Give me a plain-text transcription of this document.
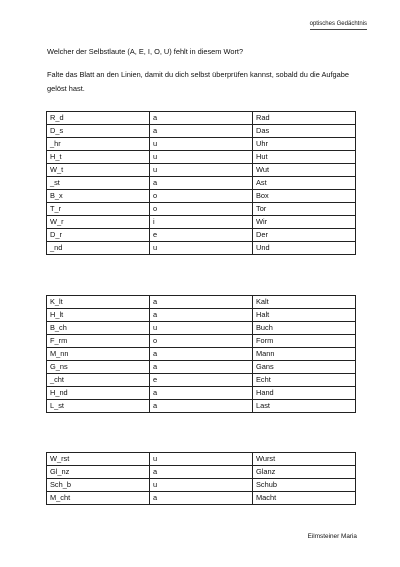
optisches Gedächtnis
Welcher der Selbstlaute (A, E, I, O, U) fehlt in diesem Wort?
Falte das Blatt an den Linien, damit du dich selbst überprüfen kannst, sobald du die Aufgabe gelöst hast.
R_d	a	Rad
D_s	a	Das
_hr	u	Uhr
H_t	u	Hut
W_t	u	Wut
_st	a	Ast
B_x	o	Box
T_r	o	Tor
W_r	i	Wir
D_r	e	Der
_nd	u	Und
K_lt	a	Kalt
H_lt	a	Halt
B_ch	u	Buch
F_rm	o	Form
M_nn	a	Mann
G_ns	a	Gans
_cht	e	Echt
H_nd	a	Hand
L_st	a	Last
W_rst	u	Wurst
Gl_nz	a	Glanz
Sch_b	u	Schub
M_cht	a	Macht
Eilmsteiner Maria
